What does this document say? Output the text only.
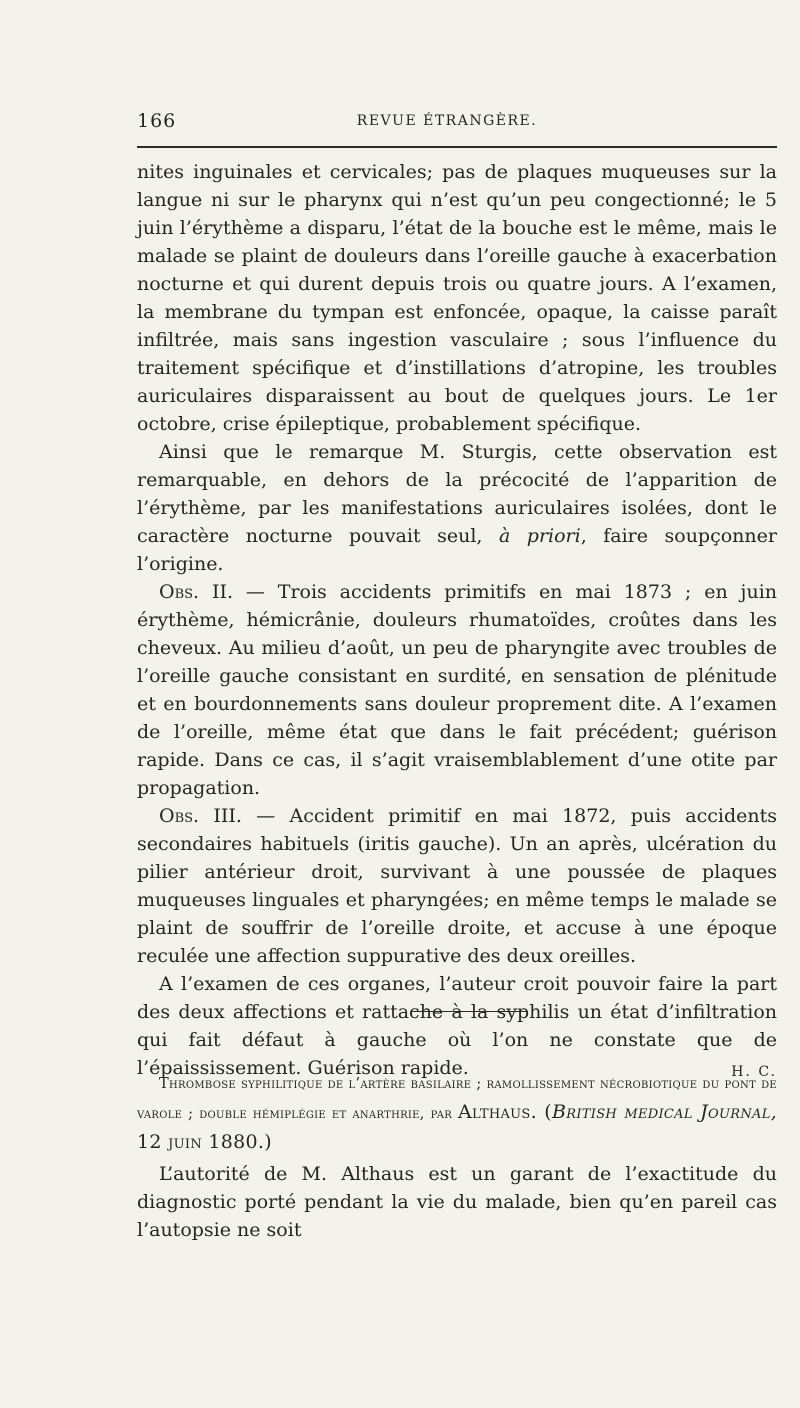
166	REVUE ÉTRANGÈRE.

nites inguinales et cervicales; pas de plaques muqueuses sur la langue ni sur le pharynx qui n’est qu’un peu congectionné; le 5 juin l’érythème a disparu, l’état de la bouche est le même, mais le malade se plaint de douleurs dans l’oreille gauche à exacerbation nocturne et qui durent depuis trois ou quatre jours. A l’examen, la membrane du tympan est enfoncée, opaque, la caisse paraît infiltrée, mais sans ingestion vasculaire ; sous l’influence du traitement spécifique et d’instillations d’atropine, les troubles auriculaires disparaissent au bout de quelques jours. Le 1er octobre, crise épileptique, probablement spécifique.

Ainsi que le remarque M. Sturgis, cette observation est remarquable, en dehors de la précocité de l’apparition de l’érythème, par les manifestations auriculaires isolées, dont le caractère nocturne pouvait seul, à priori, faire soupçonner l’origine.

Obs. II. — Trois accidents primitifs en mai 1873 ; en juin érythème, hémicrânie, douleurs rhumatoïdes, croûtes dans les cheveux. Au milieu d’août, un peu de pharyngite avec troubles de l’oreille gauche consistant en surdité, en sensation de plénitude et en bourdonnements sans douleur proprement dite. A l’examen de l’oreille, même état que dans le fait précédent; guérison rapide. Dans ce cas, il s’agit vraisemblablement d’une otite par propagation.

Obs. III. — Accident primitif en mai 1872, puis accidents secondaires habituels (iritis gauche). Un an après, ulcération du pilier antérieur droit, survivant à une poussée de plaques muqueuses linguales et pharyngées; en même temps le malade se plaint de souffrir de l’oreille droite, et accuse à une époque reculée une affection suppurative des deux oreilles.

A l’examen de ces organes, l’auteur croit pouvoir faire la part des deux affections et rattache à la syphilis un état d’infiltration qui fait défaut à gauche où l’on ne constate que de l’épaississement. Guérison rapide.	H. C.

Thrombose syphilitique de l’artère basilaire ; ramollissement nécrobiotique du pont de varole ; double hémiplégie et anarthrie, par Althaus. (British medical Journal, 12 juin 1880.)

L’autorité de M. Althaus est un garant de l’exactitude du diagnostic porté pendant la vie du malade, bien qu’en pareil cas l’autopsie ne soit
